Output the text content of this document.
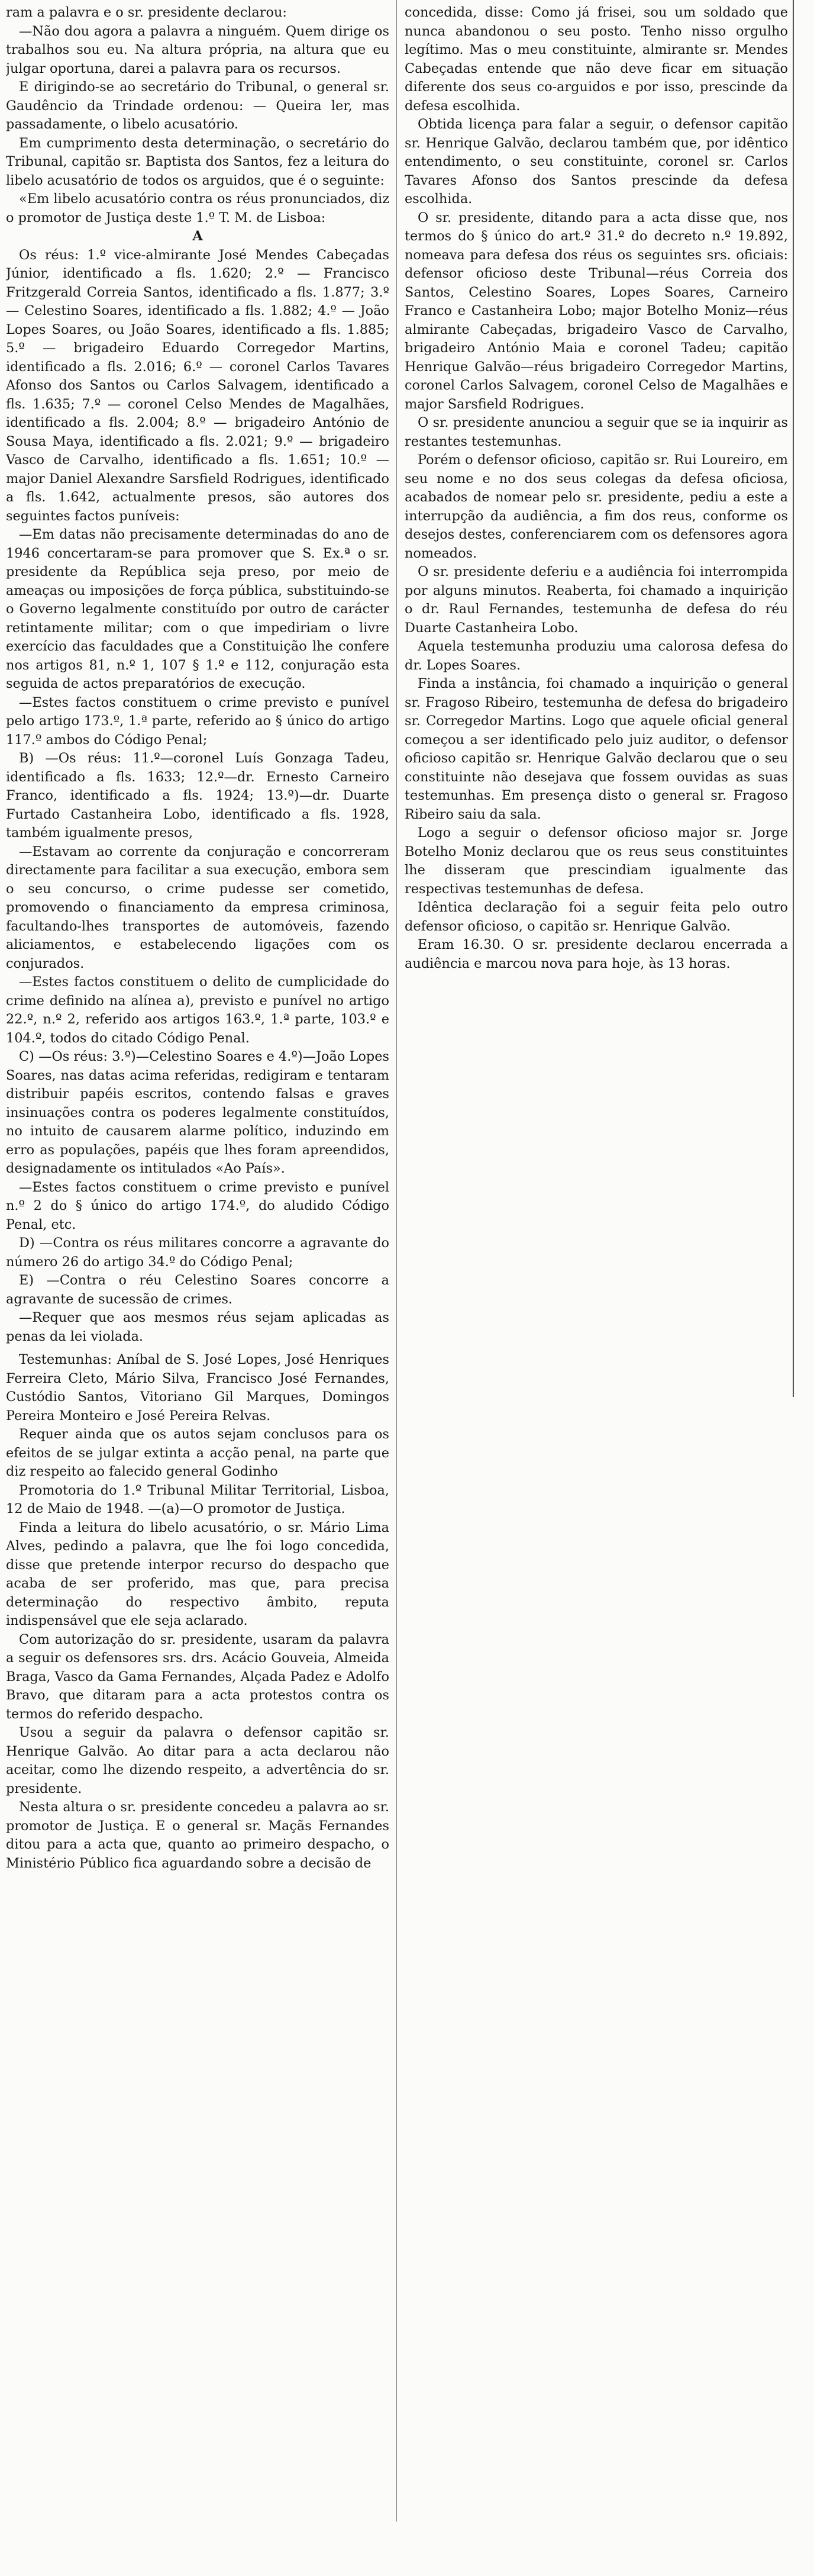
ram a palavra e o sr. presidente declarou:

—Não dou agora a palavra a ninguém. Quem dirige os trabalhos sou eu. Na altura própria, na altura que eu julgar oportuna, darei a palavra para os recursos.

E dirigindo-se ao secretário do Tribunal, o general sr. Gaudêncio da Trindade ordenou: — Queira ler, mas passadamente, o libelo acusatório.

Em cumprimento desta determinação, o secretário do Tribunal, capitão sr. Baptista dos Santos, fez a leitura do libelo acusatório de todos os arguidos, que é o seguinte:

«Em libelo acusatório contra os réus pronunciados, diz o promotor de Justiça deste 1.º T. M. de Lisboa:

A

Os réus: 1.º vice-almirante José Mendes Cabeçadas Júnior, identificado a fls. 1.620; 2.º — Francisco Fritzgerald Correia Santos, identificado a fls. 1.877; 3.º — Celestino Soares, identificado a fls. 1.882; 4.º — João Lopes Soares, ou João Soares, identificado a fls. 1.885; 5.º — brigadeiro Eduardo Corregedor Martins, identificado a fls. 2.016; 6.º — coronel Carlos Tavares Afonso dos Santos ou Carlos Salvagem, identificado a fls. 1.635; 7.º — coronel Celso Mendes de Magalhães, identificado a fls. 2.004; 8.º — brigadeiro António de Sousa Maya, identificado a fls. 2.021; 9.º — brigadeiro Vasco de Carvalho, identificado a fls. 1.651; 10.º — major Daniel Alexandre Sarsfield Rodrigues, identificado a fls. 1.642, actualmente presos, são autores dos seguintes factos puníveis:

—Em datas não precisamente determinadas do ano de 1946 concertaram-se para promover que S. Ex.ª o sr. presidente da República seja preso, por meio de ameaças ou imposições de força pública, substituindo-se o Governo legalmente constituído por outro de carácter retintamente militar; com o que impediriam o livre exercício das faculdades que a Constituição lhe confere nos artigos 81, n.º 1, 107 § 1.º e 112, conjuração esta seguida de actos preparatórios de execução.

—Estes factos constituem o crime previsto e punível pelo artigo 173.º, 1.ª parte, referido ao § único do artigo 117.º ambos do Código Penal;

B) —Os réus: 11.º—coronel Luís Gonzaga Tadeu, identificado a fls. 1633; 12.º—dr. Ernesto Carneiro Franco, identificado a fls. 1924; 13.º)—dr. Duarte Furtado Castanheira Lobo, identificado a fls. 1928, também igualmente presos,

—Estavam ao corrente da conjuração e concorreram directamente para facilitar a sua execução, embora sem o seu concurso, o crime pudesse ser cometido, promovendo o financiamento da empresa criminosa, facultando-lhes transportes de automóveis, fazendo aliciamentos, e estabelecendo ligações com os conjurados.

—Estes factos constituem o delito de cumplicidade do crime definido na alínea a), previsto e punível no artigo 22.º, n.º 2, referido aos artigos 163.º, 1.ª parte, 103.º e 104.º, todos do citado Código Penal.

C) —Os réus: 3.º)—Celestino Soares e 4.º)—João Lopes Soares, nas datas acima referidas, redigiram e tentaram distribuir papéis escritos, contendo falsas e graves insinuações contra os poderes legalmente constituídos, no intuito de causarem alarme político, induzindo em erro as populações, papéis que lhes foram apreendidos, designadamente os intitulados «Ao País».

—Estes factos constituem o crime previsto e punível n.º 2 do § único do artigo 174.º, do aludido Código Penal, etc.

D) —Contra os réus militares concorre a agravante do número 26 do artigo 34.º do Código Penal;

E) —Contra o réu Celestino Soares concorre a agravante de sucessão de crimes.

—Requer que aos mesmos réus sejam aplicadas as penas da lei violada.

Testemunhas: Aníbal de S. José Lopes, José Henriques Ferreira Cleto, Mário Silva, Francisco José Fernandes, Custódio Santos, Vitoriano Gil Marques, Domingos Pereira Monteiro e José Pereira Relvas.

Requer ainda que os autos sejam conclusos para os efeitos de se julgar extinta a acção penal, na parte que diz respeito ao falecido general Godinho

Promotoria do 1.º Tribunal Militar Territorial, Lisboa, 12 de Maio de 1948. —(a)—O promotor de Justiça.

Finda a leitura do libelo acusatório, o sr. Mário Lima Alves, pedindo a palavra, que lhe foi logo concedida, disse que pretende interpor recurso do despacho que acaba de ser proferido, mas que, para precisa determinação do respectivo âmbito, reputa indispensável que ele seja aclarado.

Com autorização do sr. presidente, usaram da palavra a seguir os defensores srs. drs. Acácio Gouveia, Almeida Braga, Vasco da Gama Fernandes, Alçada Padez e Adolfo Bravo, que ditaram para a acta protestos contra os termos do referido despacho.

Usou a seguir da palavra o defensor capitão sr. Henrique Galvão. Ao ditar para a acta declarou não aceitar, como lhe dizendo respeito, a advertência do sr. presidente.

Nesta altura o sr. presidente concedeu a palavra ao sr. promotor de Justiça. E o general sr. Maçãs Fernandes ditou para a acta que, quanto ao primeiro despacho, o Ministério Público fica aguardando sobre a decisão de

concedida, disse: Como já frisei, sou um soldado que nunca abandonou o seu posto. Tenho nisso orgulho legítimo. Mas o meu constituinte, almirante sr. Mendes Cabeçadas entende que não deve ficar em situação diferente dos seus co-arguidos e por isso, prescinde da defesa escolhida.

Obtida licença para falar a seguir, o defensor capitão sr. Henrique Galvão, declarou também que, por idêntico entendimento, o seu constituinte, coronel sr. Carlos Tavares Afonso dos Santos prescinde da defesa escolhida.

O sr. presidente, ditando para a acta disse que, nos termos do § único do art.º 31.º do decreto n.º 19.892, nomeava para defesa dos réus os seguintes srs. oficiais: defensor oficioso deste Tribunal—réus Correia dos Santos, Celestino Soares, Lopes Soares, Carneiro Franco e Castanheira Lobo; major Botelho Moniz—réus almirante Cabeçadas, brigadeiro Vasco de Carvalho, brigadeiro António Maia e coronel Tadeu; capitão Henrique Galvão—réus brigadeiro Corregedor Martins, coronel Carlos Salvagem, coronel Celso de Magalhães e major Sarsfield Rodrigues.

O sr. presidente anunciou a seguir que se ia inquirir as restantes testemunhas.

Porém o defensor oficioso, capitão sr. Rui Loureiro, em seu nome e no dos seus colegas da defesa oficiosa, acabados de nomear pelo sr. presidente, pediu a este a interrupção da audiência, a fim dos reus, conforme os desejos destes, conferenciarem com os defensores agora nomeados.

O sr. presidente deferiu e a audiência foi interrompida por alguns minutos. Reaberta, foi chamado a inquirição o dr. Raul Fernandes, testemunha de defesa do réu Duarte Castanheira Lobo.

Aquela testemunha produziu uma calorosa defesa do dr. Lopes Soares.

Finda a instância, foi chamado a inquirição o general sr. Fragoso Ribeiro, testemunha de defesa do brigadeiro sr. Corregedor Martins. Logo que aquele oficial general começou a ser identificado pelo juiz auditor, o defensor oficioso capitão sr. Henrique Galvão declarou que o seu constituinte não desejava que fossem ouvidas as suas testemunhas. Em presença disto o general sr. Fragoso Ribeiro saiu da sala.

Logo a seguir o defensor oficioso major sr. Jorge Botelho Moniz declarou que os reus seus constituintes lhe disseram que prescindiam igualmente das respectivas testemunhas de defesa.

Idêntica declaração foi a seguir feita pelo outro defensor oficioso, o capitão sr. Henrique Galvão.

Eram 16.30. O sr. presidente declarou encerrada a audiência e marcou nova para hoje, às 13 horas.
